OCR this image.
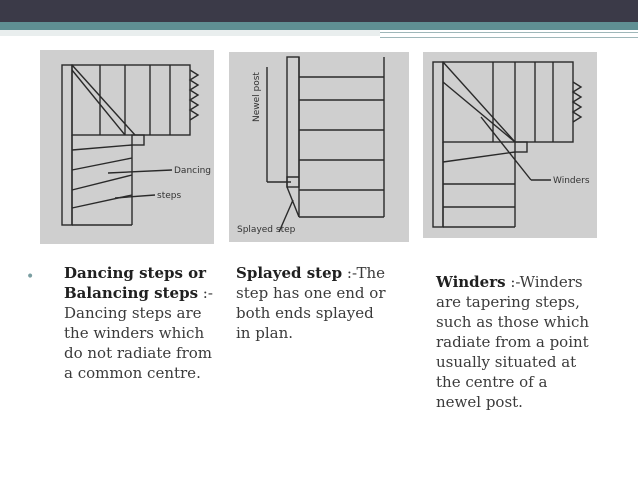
Dancing
steps
Newel post
Splayed step
Winders
• Dancing steps or Balancing steps :- Dancing steps are the winders which do not radiate from a common centre.
Splayed step :-The step has one end or both ends splayed in plan.
Winders :-Winders are tapering steps, such as those which radiate from a point usually situated at the centre of a newel post.
